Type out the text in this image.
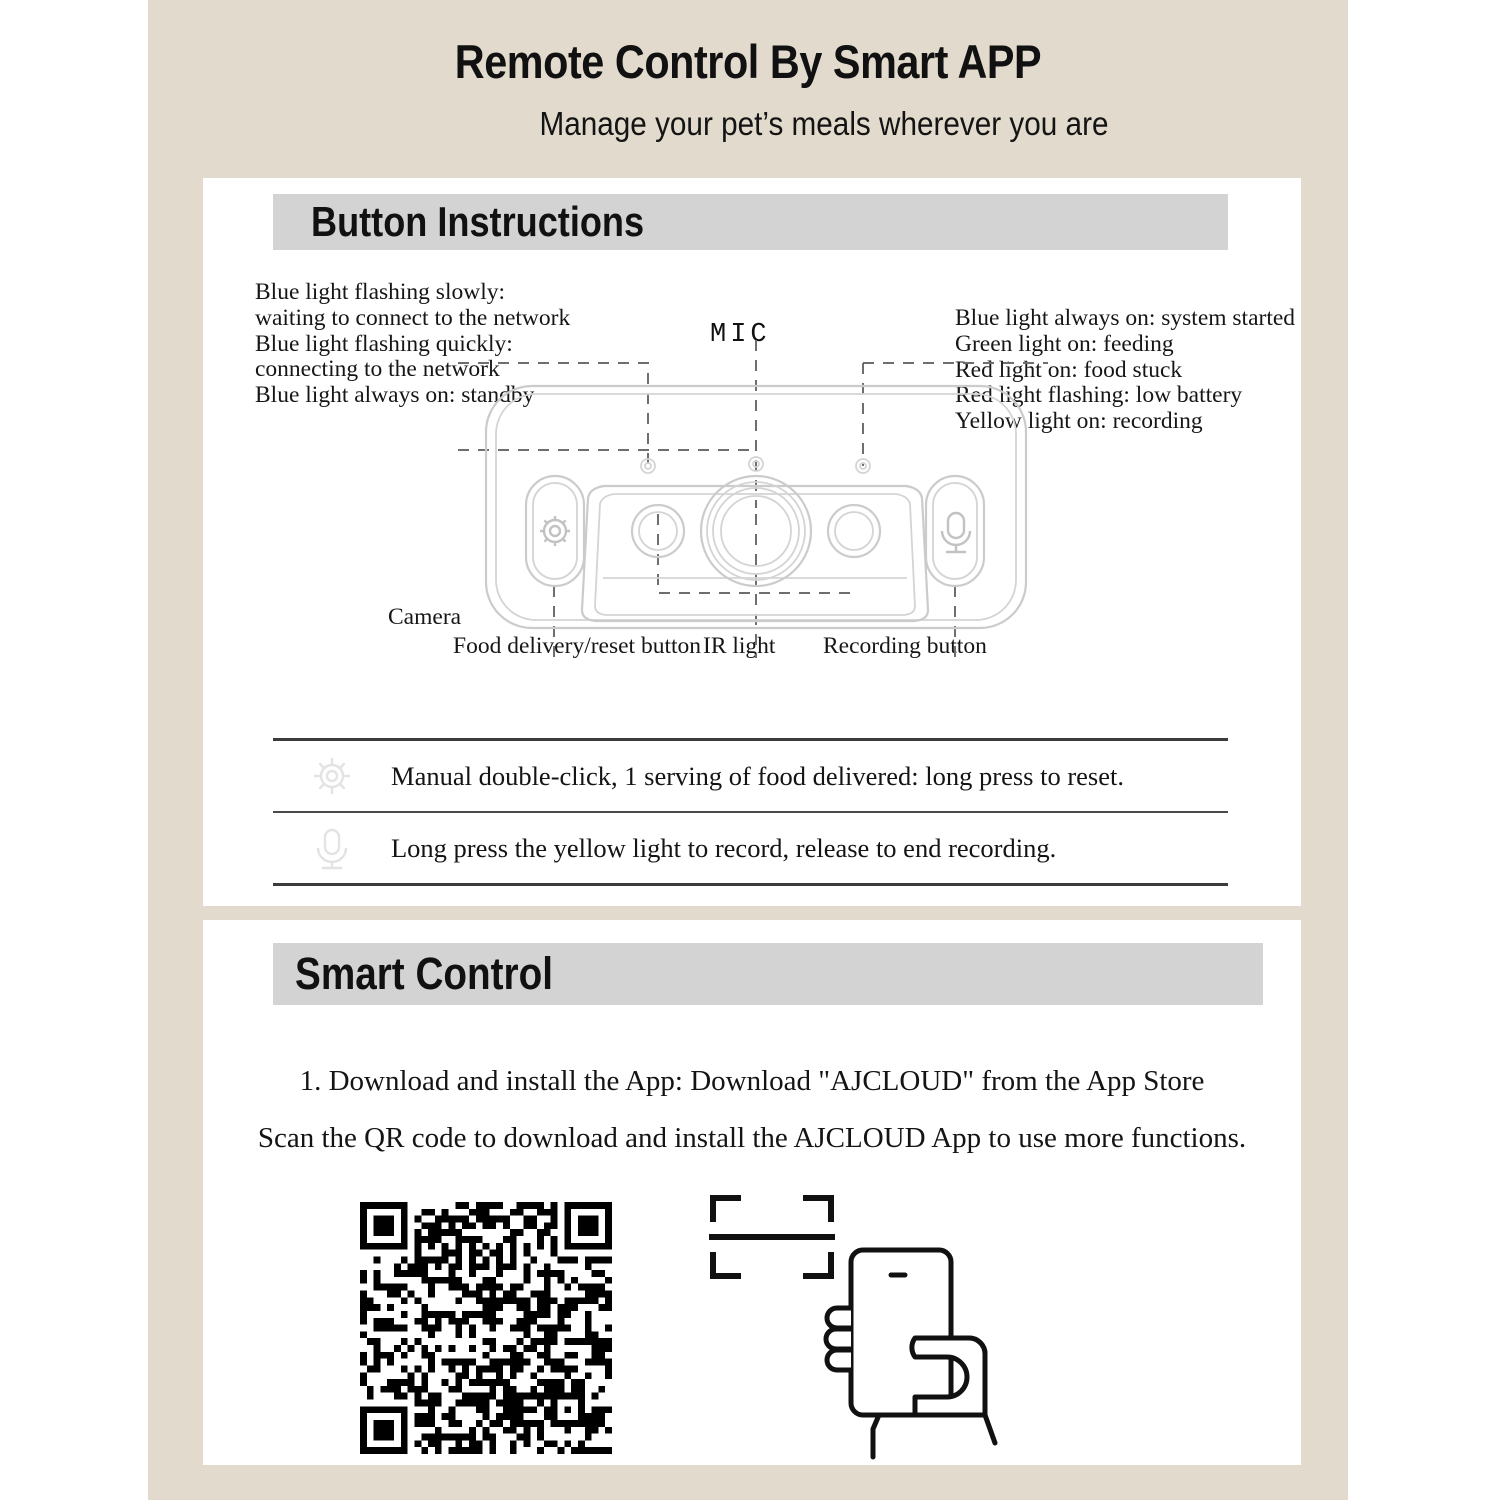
Remote Control By Smart APP
Manage your pet’s meals wherever you are
Button Instructions
Blue light flashing slowly:
waiting to connect to the network
Blue light flashing quickly:
connecting to the network
Blue light always on: standby
Blue light always on: system started
Green light on: feeding
Red light on: food stuck
Red light flashing: low battery
Yellow light on: recording
MIC
Camera
Food delivery/reset button IR light Recording button
Manual double-click, 1 serving of food delivered: long press to reset.
Long press the yellow light to record, release to end recording.
Smart Control
1. Download and install the App: Download "AJCLOUD" from the App Store
Scan the QR code to download and install the AJCLOUD App to use more functions.
